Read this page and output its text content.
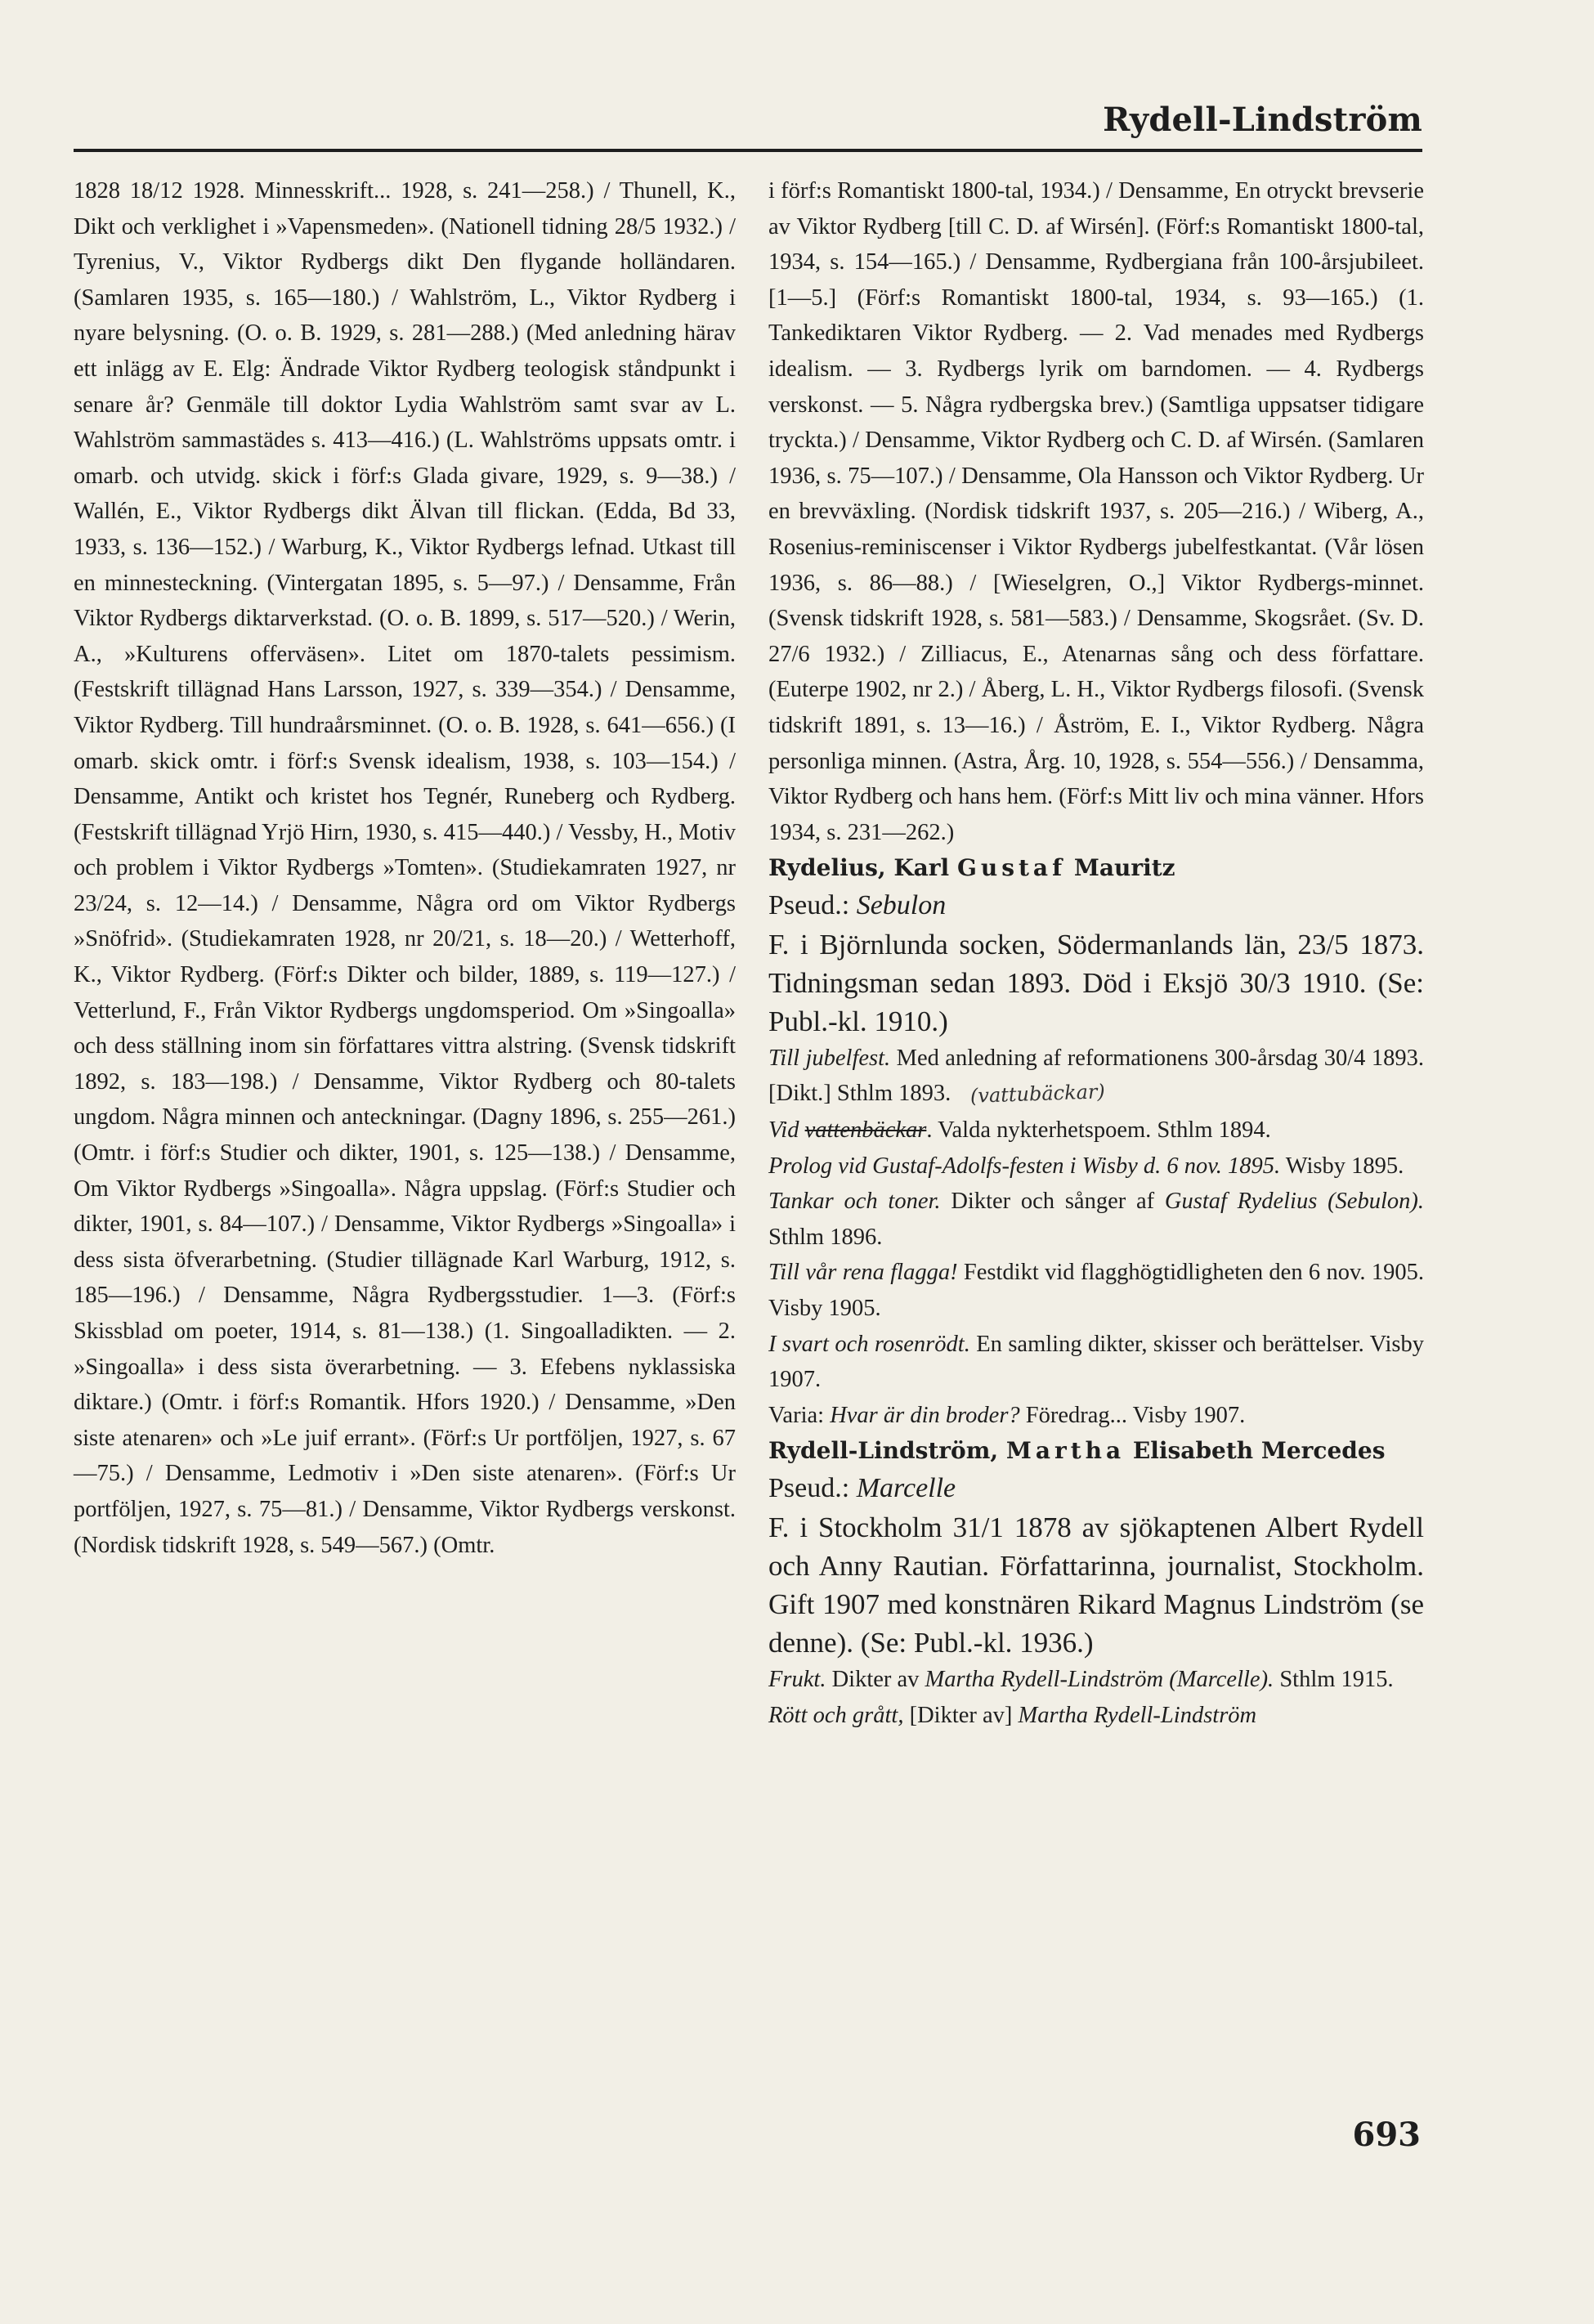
Rydell-Lindström

1828 18/12 1928. Minnesskrift... 1928, s. 241—258.) / Thunell, K., Dikt och verklighet i »Vapensmeden». (Nationell tidning 28/5 1932.) / Tyrenius, V., Viktor Rydbergs dikt Den flygande holländaren. (Samlaren 1935, s. 165—180.) / Wahlström, L., Viktor Rydberg i nyare belysning. (O. o. B. 1929, s. 281—288.) (Med anledning härav ett inlägg av E. Elg: Ändrade Viktor Rydberg teologisk ståndpunkt i senare år? Genmäle till doktor Lydia Wahlström samt svar av L. Wahlström sammastädes s. 413—416.) (L. Wahlströms uppsats omtr. i omarb. och utvidg. skick i förf:s Glada givare, 1929, s. 9—38.) / Wallén, E., Viktor Rydbergs dikt Älvan till flickan. (Edda, Bd 33, 1933, s. 136—152.) / Warburg, K., Viktor Rydbergs lefnad. Utkast till en minnesteckning. (Vintergatan 1895, s. 5—97.) / Densamme, Från Viktor Rydbergs diktarverkstad. (O. o. B. 1899, s. 517—520.) / Werin, A., »Kulturens offerväsen». Litet om 1870-talets pessimism. (Festskrift tillägnad Hans Larsson, 1927, s. 339—354.) / Densamme, Viktor Rydberg. Till hundraårsminnet. (O. o. B. 1928, s. 641—656.) (I omarb. skick omtr. i förf:s Svensk idealism, 1938, s. 103—154.) / Densamme, Antikt och kristet hos Tegnér, Runeberg och Rydberg. (Festskrift tillägnad Yrjö Hirn, 1930, s. 415—440.) / Vessby, H., Motiv och problem i Viktor Rydbergs »Tomten». (Studiekamraten 1927, nr 23/24, s. 12—14.) / Densamme, Några ord om Viktor Rydbergs »Snöfrid». (Studiekamraten 1928, nr 20/21, s. 18—20.) / Wetterhoff, K., Viktor Rydberg. (Förf:s Dikter och bilder, 1889, s. 119—127.) / Vetterlund, F., Från Viktor Rydbergs ungdomsperiod. Om »Singoalla» och dess ställning inom sin författares vittra alstring. (Svensk tidskrift 1892, s. 183—198.) / Densamme, Viktor Rydberg och 80-talets ungdom. Några minnen och anteckningar. (Dagny 1896, s. 255—261.) (Omtr. i förf:s Studier och dikter, 1901, s. 125—138.) / Densamme, Om Viktor Rydbergs »Singoalla». Några uppslag. (Förf:s Studier och dikter, 1901, s. 84—107.) / Densamme, Viktor Rydbergs »Singoalla» i dess sista öfverarbetning. (Studier tillägnade Karl Warburg, 1912, s. 185—196.) / Densamme, Några Rydbergsstudier. 1—3. (Förf:s Skissblad om poeter, 1914, s. 81—138.) (1. Singoalladikten. — 2. »Singoalla» i dess sista överarbetning. — 3. Efebens nyklassiska diktare.) (Omtr. i förf:s Romantik. Hfors 1920.) / Densamme, »Den siste atenaren» och »Le juif errant». (Förf:s Ur portföljen, 1927, s. 67—75.) / Densamme, Ledmotiv i »Den siste atenaren». (Förf:s Ur portföljen, 1927, s. 75—81.) / Densamme, Viktor Rydbergs verskonst. (Nordisk tidskrift 1928, s. 549—567.) (Omtr.

i förf:s Romantiskt 1800-tal, 1934.) / Densamme, En otryckt brevserie av Viktor Rydberg [till C. D. af Wirsén]. (Förf:s Romantiskt 1800-tal, 1934, s. 154—165.) / Densamme, Rydbergiana från 100-årsjubileet. [1—5.] (Förf:s Romantiskt 1800-tal, 1934, s. 93—165.) (1. Tankediktaren Viktor Rydberg. — 2. Vad menades med Rydbergs idealism. — 3. Rydbergs lyrik om barndomen. — 4. Rydbergs verskonst. — 5. Några rydbergska brev.) (Samtliga uppsatser tidigare tryckta.) / Densamme, Viktor Rydberg och C. D. af Wirsén. (Samlaren 1936, s. 75—107.) / Densamme, Ola Hansson och Viktor Rydberg. Ur en brevväxling. (Nordisk tidskrift 1937, s. 205—216.) / Wiberg, A., Rosenius-reminiscenser i Viktor Rydbergs jubelfestkantat. (Vår lösen 1936, s. 86—88.) / [Wieselgren, O.,] Viktor Rydbergs-minnet. (Svensk tidskrift 1928, s. 581—583.) / Densamme, Skogsrået. (Sv. D. 27/6 1932.) / Zilliacus, E., Atenarnas sång och dess författare. (Euterpe 1902, nr 2.) / Åberg, L. H., Viktor Rydbergs filosofi. (Svensk tidskrift 1891, s. 13—16.) / Åström, E. I., Viktor Rydberg. Några personliga minnen. (Astra, Årg. 10, 1928, s. 554—556.) / Densamma, Viktor Rydberg och hans hem. (Förf:s Mitt liv och mina vänner. Hfors 1934, s. 231—262.)

Rydelius, Karl Gustaf Mauritz

Pseud.: Sebulon

F. i Björnlunda socken, Södermanlands län, 23/5 1873. Tidningsman sedan 1893. Död i Eksjö 30/3 1910. (Se: Publ.-kl. 1910.)

Till jubelfest. Med anledning af reformationens 300-årsdag 30/4 1893. [Dikt.] Sthlm 1893. (vattubäckar)

Vid vattenbäckar. Valda nykterhetspoem. Sthlm 1894.

Prolog vid Gustaf-Adolfs-festen i Wisby d. 6 nov. 1895. Wisby 1895.

Tankar och toner. Dikter och sånger af Gustaf Rydelius (Sebulon). Sthlm 1896.

Till vår rena flagga! Festdikt vid flagghögtidligheten den 6 nov. 1905. Visby 1905.

I svart och rosenrödt. En samling dikter, skisser och berättelser. Visby 1907.

Varia: Hvar är din broder? Föredrag... Visby 1907.

Rydell-Lindström, Martha Elisabeth Mercedes

Pseud.: Marcelle

F. i Stockholm 31/1 1878 av sjökaptenen Albert Rydell och Anny Rautian. Författarinna, journalist, Stockholm. Gift 1907 med konstnären Rikard Magnus Lindström (se denne). (Se: Publ.-kl. 1936.)

Frukt. Dikter av Martha Rydell-Lindström (Marcelle). Sthlm 1915.

Rött och grått, [Dikter av] Martha Rydell-Lindström

693
